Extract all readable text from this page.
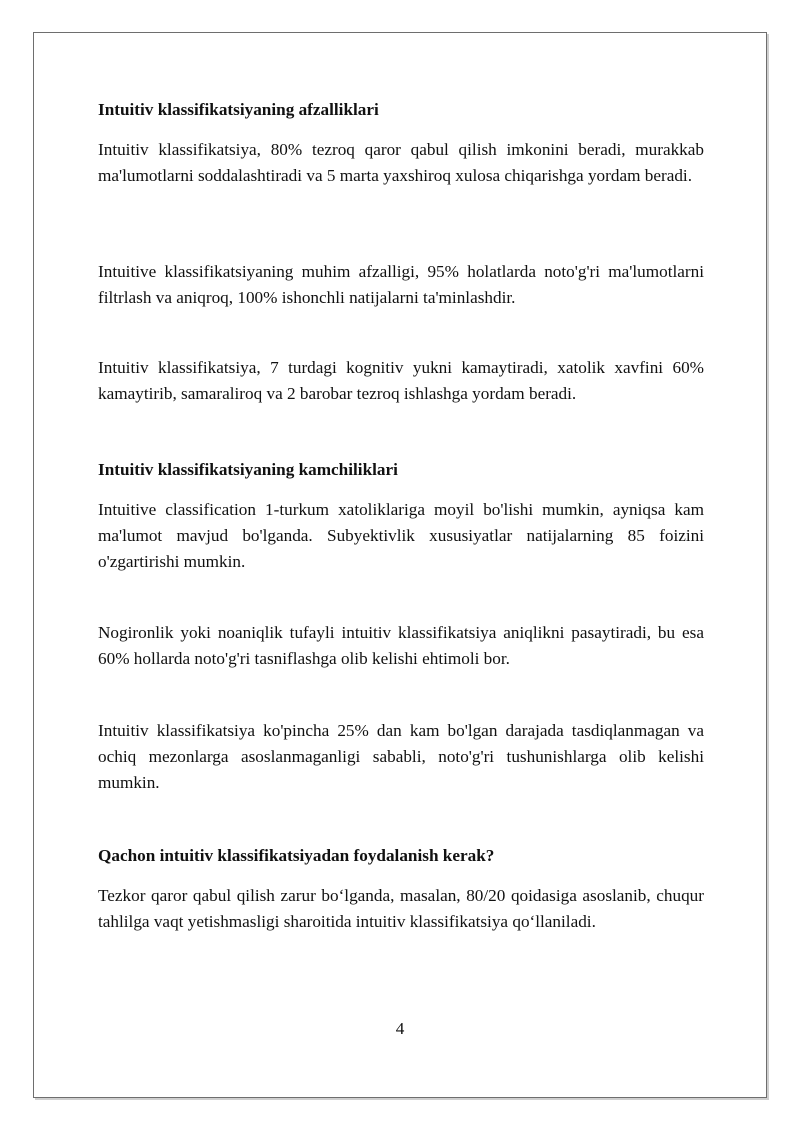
Intuitiv klassifikatsiyaning afzalliklari

Intuitiv klassifikatsiya, 80% tezroq qaror qabul qilish imkonini beradi, murakkab ma'lumotlarni soddalashtiradi va 5 marta yaxshiroq xulosa chiqarishga yordam beradi.

Intuitive klassifikatsiyaning muhim afzalligi, 95% holatlarda noto'g'ri ma'lumotlarni filtrlash va aniqroq, 100% ishonchli natijalarni ta'minlashdir.

Intuitiv klassifikatsiya, 7 turdagi kognitiv yukni kamaytiradi, xatolik xavfini 60% kamaytirib, samaraliroq va 2 barobar tezroq ishlashga yordam beradi.

Intuitiv klassifikatsiyaning kamchiliklari

Intuitive classification 1-turkum xatoliklariga moyil bo'lishi mumkin, ayniqsa kam ma'lumot mavjud bo'lganda. Subyektivlik xususiyatlar natijalarning 85 foizini o'zgartirishi mumkin.

Nogironlik yoki noaniqlik tufayli intuitiv klassifikatsiya aniqlikni pasaytiradi, bu esa 60% hollarda noto'g'ri tasniflashga olib kelishi ehtimoli bor.

Intuitiv klassifikatsiya ko'pincha 25% dan kam bo'lgan darajada tasdiqlanmagan va ochiq mezonlarga asoslanmaganligi sababli, noto'g'ri tushunishlarga olib kelishi mumkin.

Qachon intuitiv klassifikatsiyadan foydalanish kerak?

Tezkor qaror qabul qilish zarur bo‘lganda, masalan, 80/20 qoidasiga asoslanib, chuqur tahlilga vaqt yetishmasligi sharoitida intuitiv klassifikatsiya qo‘llaniladi.

4
